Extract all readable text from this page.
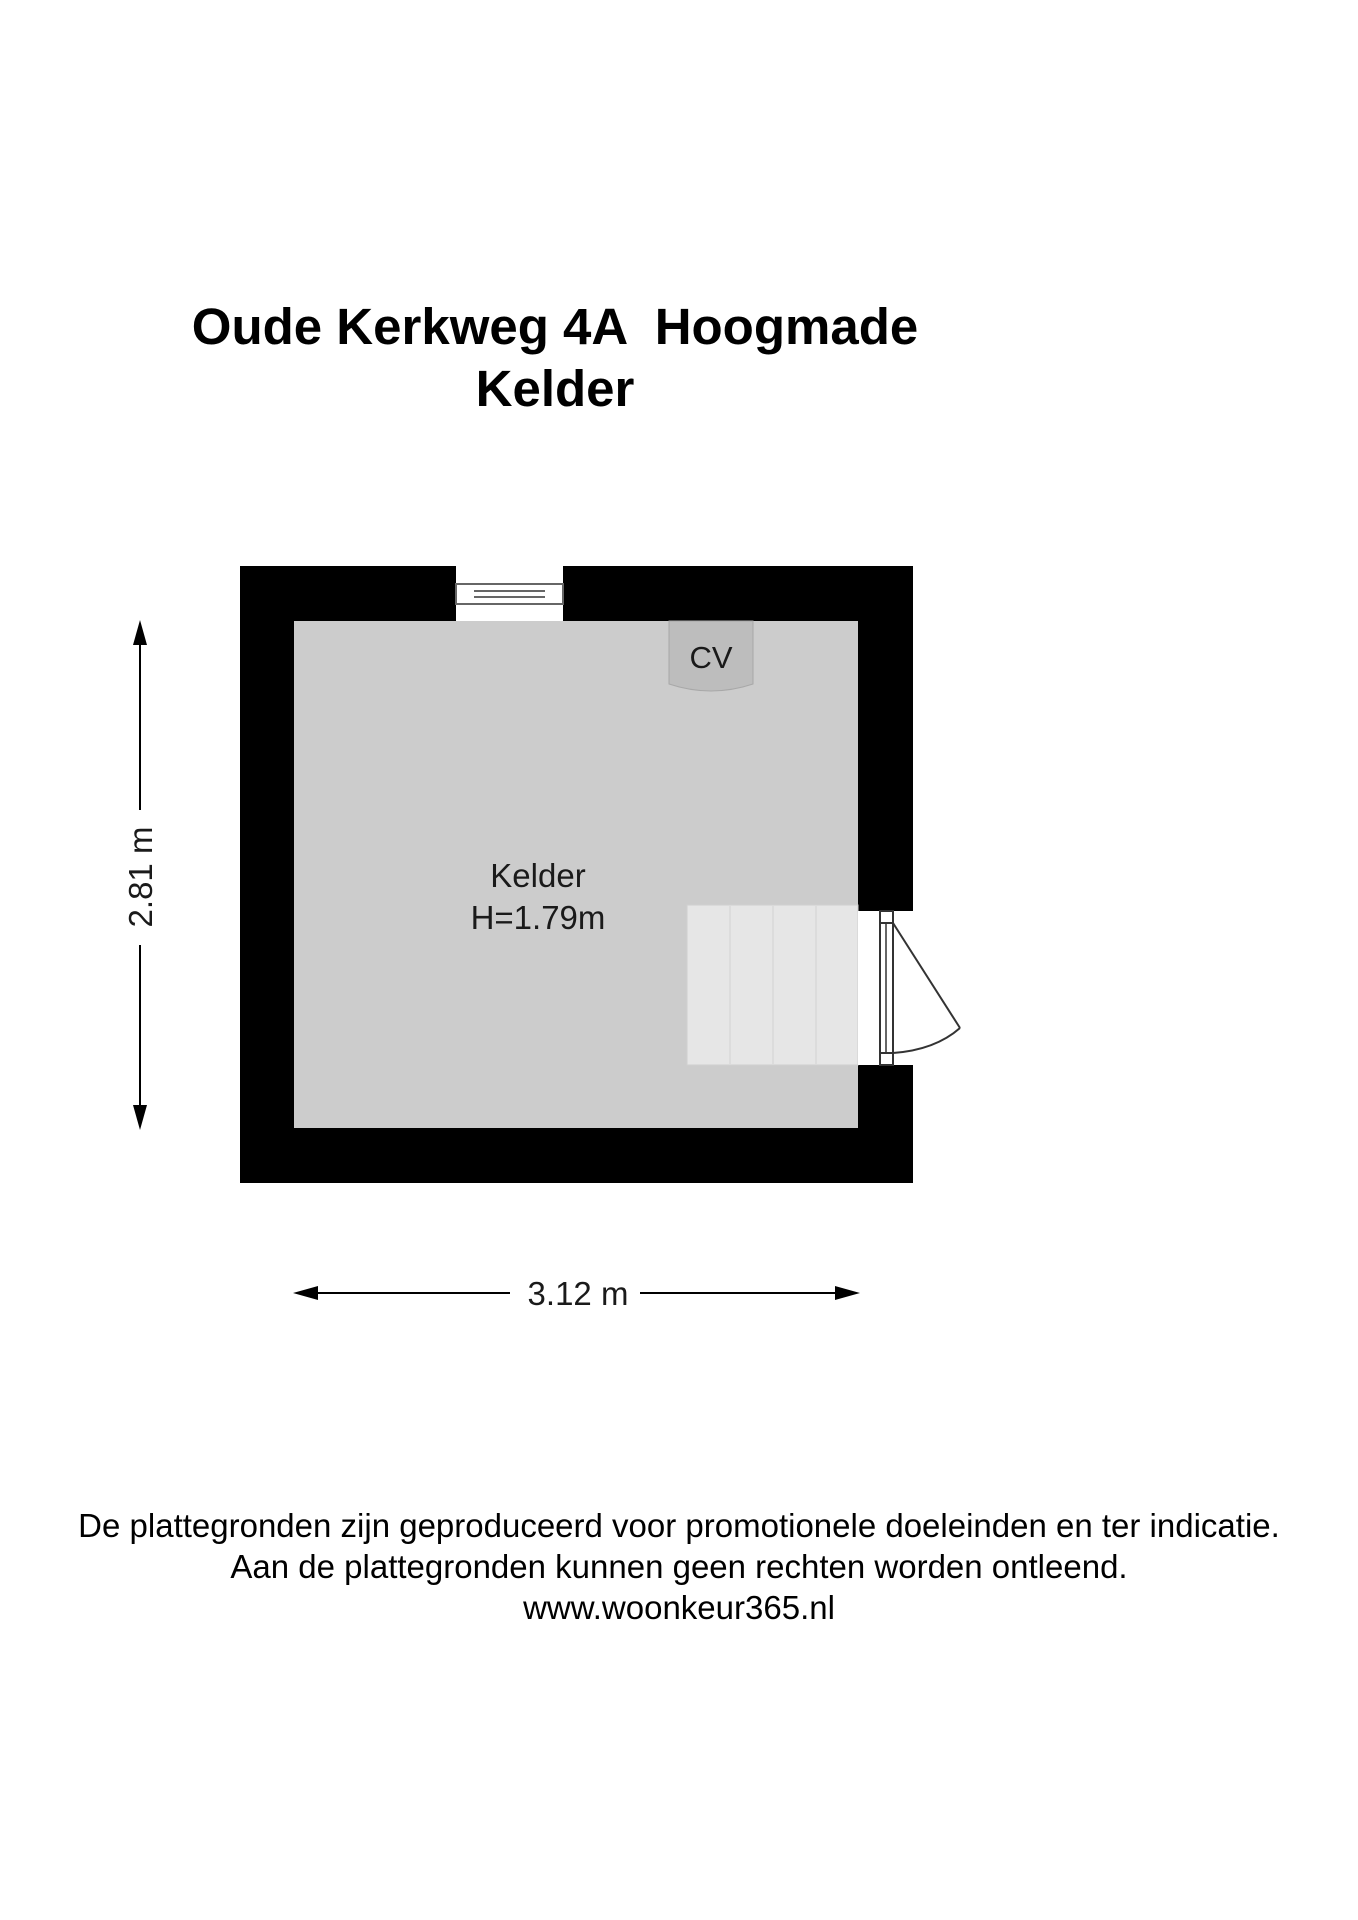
Oude Kerkweg 4A  Hoogmade
Kelder
CV
Kelder
H=1.79m
2.81 m
3.12 m
De plattegronden zijn geproduceerd voor promotionele doeleinden en ter indicatie.
Aan de plattegronden kunnen geen rechten worden ontleend.
www.woonkeur365.nl
